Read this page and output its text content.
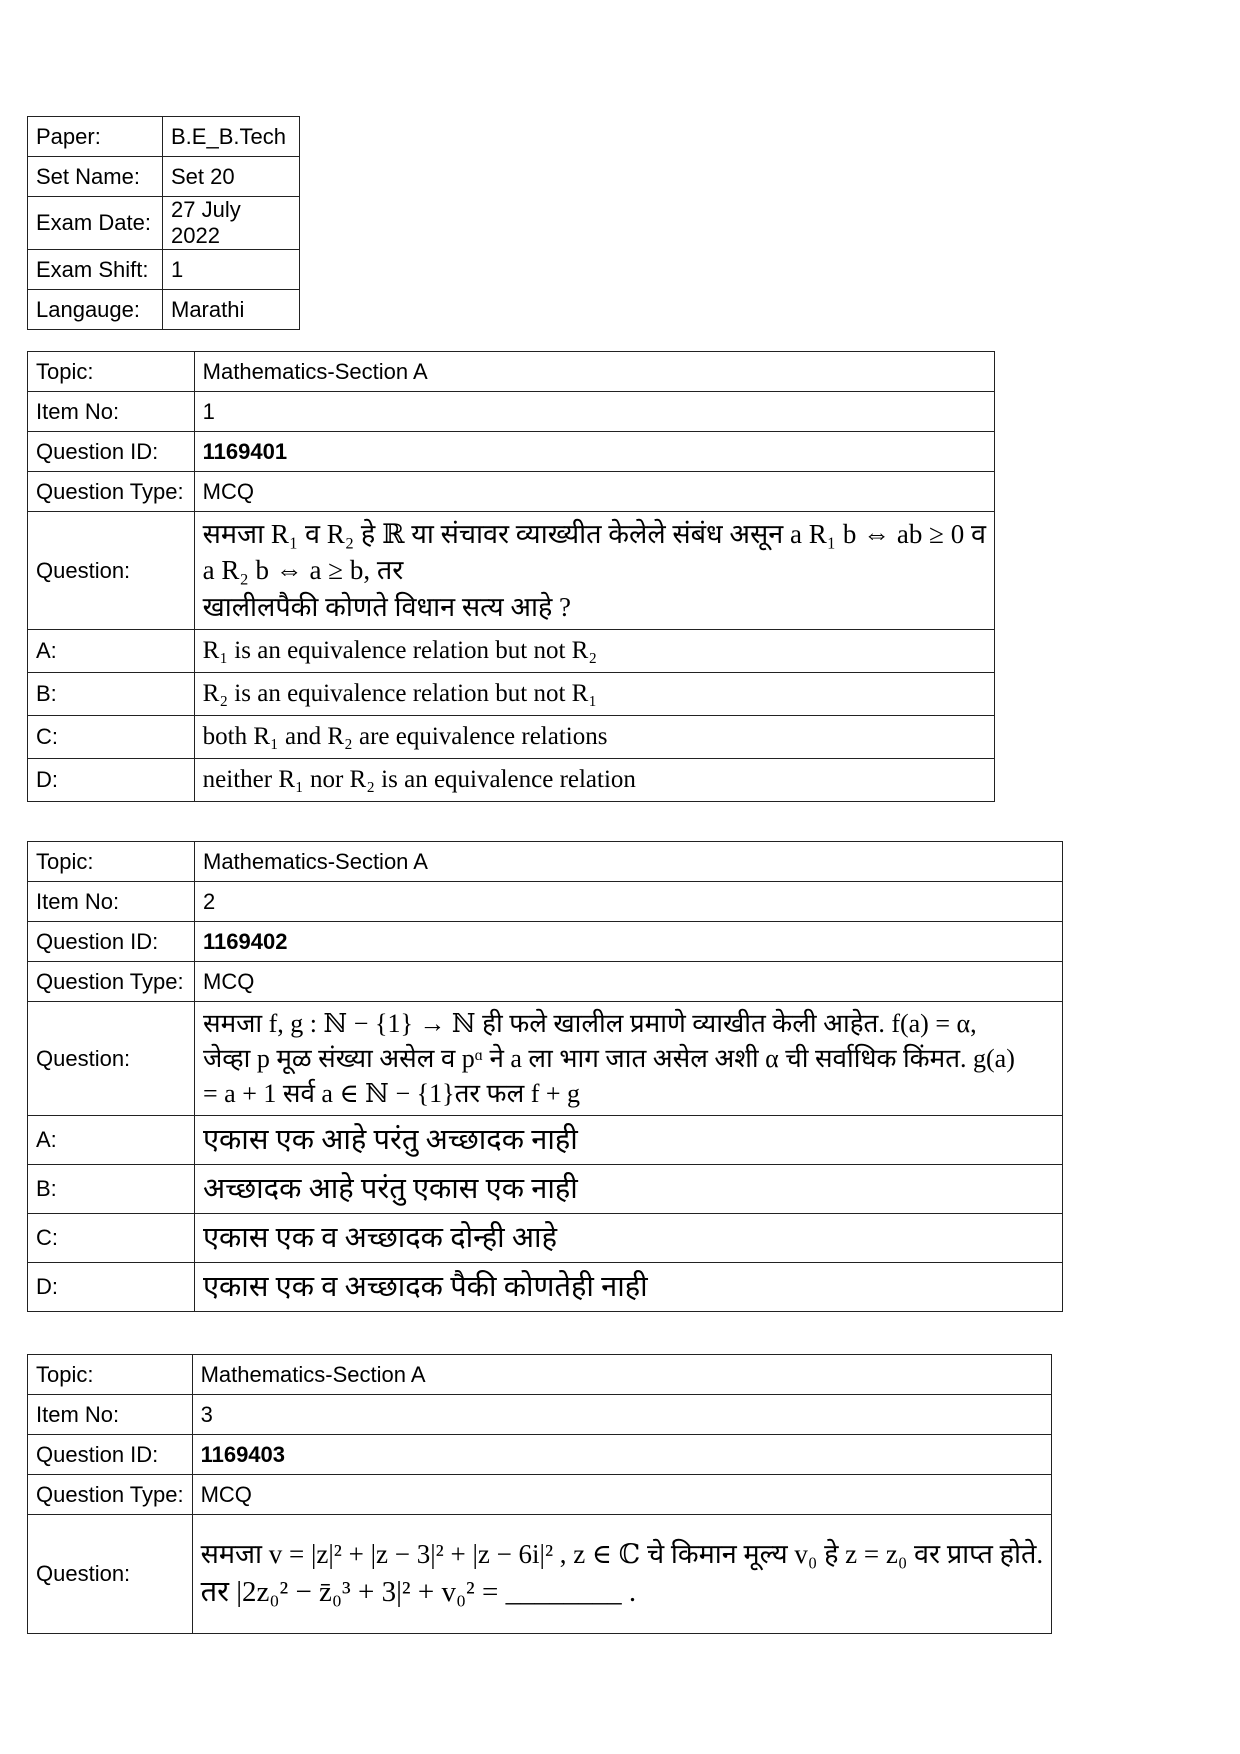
Paper:	B.E_B.Tech
Set Name:	Set 20
Exam Date:	27 July 2022
Exam Shift:	1
Langauge:	Marathi
Topic:	Mathematics-Section A
Item No:	1
Question ID:	1169401
Question Type:	MCQ
Question:	समजा R₁ व R₂ हे ℝ या संचावर व्याख्यीत केलेले संबंध असून a R₁ b ⇔ ab ≥ 0 व
a R₂ b ⇔ a ≥ b, तर
खालीलपैकी कोणते विधान सत्य आहे ?

A:	R₁ is an equivalence relation but not R₂
B:	R₂ is an equivalence relation but not R₁
C:	both R₁ and R₂ are equivalence relations
D:	neither R₁ nor R₂ is an equivalence relation
Topic:	Mathematics-Section A
Item No:	2
Question ID:	1169402
Question Type:	MCQ
Question:	समजा f, g : ℕ − {1} → ℕ ही फले खालील प्रमाणे व्याखीत केली आहेत. f(a) = α,
जेव्हा p मूळ संख्या असेल व pᵅ ने a ला भाग जात असेल अशी α ची सर्वाधिक किंमत. g(a)
= a + 1 सर्व a ∈ ℕ − {1}तर फल f + g

A:	एकास एक आहे परंतु अच्छादक नाही
B:	अच्छादक आहे परंतु एकास एक नाही
C:	एकास एक व अच्छादक दोन्ही आहे
D:	एकास एक व अच्छादक पैकी कोणतेही नाही
Topic:	Mathematics-Section A
Item No:	3
Question ID:	1169403
Question Type:	MCQ
Question:	समजा v = |z|² + |z − 3|² + |z − 6i|² , z ∈ ℂ चे किमान मूल्य v₀ हे z = z₀ वर प्राप्त होते.
तर |2z₀² − z̄₀³ + 3|² + v₀² = ________ .
